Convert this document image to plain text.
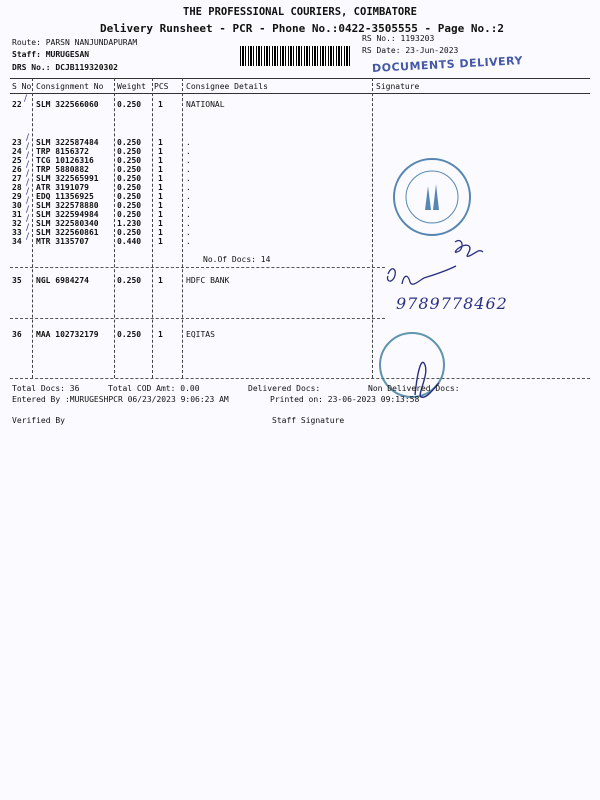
THE PROFESSIONAL COURIERS, COIMBATORE
Delivery Runsheet - PCR - Phone No.:0422-3505555 - Page No.:2
Route: PARSN NANJUNDAPURAM
Staff: MURUGESAN
DRS No.: DCJB119320302
RS No.: 1193203
RS Date: 23-Jun-2023
DOCUMENTS DELIVERY
S No Consignment No Weight PCS Consignee Details	Signature
22 SLM 322566060 0.250 1	NATIONAL
/
23 SLM 322587484 0.250 1	.
24 TRP 8156372	0.250 1	.
25 TCG 10126316	0.250 1	.
26 TRP 5880882	0.250 1	.
27 SLM 322565991 0.250 1	.
28 ATR 3191079	0.250 1	.
29 EDQ 11356925	0.250 1	.
30 SLM 322578880 0.250 1	.
31 SLM 322594984 0.250 1	.
32 SLM 322580340 1.230 1	.
33 SLM 322560861 0.250 1	.
34 MTR 3135707	0.440 1	.
/
/
/
/
/
/
/
/
/
/
/
/
No.Of Docs: 14
35 NGL 6984274	0.250 1	HDFC BANK
36 MAA 102732179 0.250 1	EQITAS
9789778462
Total Docs: 36	Total COD Amt: 0.00	Delivered Docs:	Non Delivered Docs:
Entered By :MURUGESHPCR 06/23/2023 9:06:23 AM	Printed on: 23-06-2023 09:13:58
Verified By	Staff Signature
